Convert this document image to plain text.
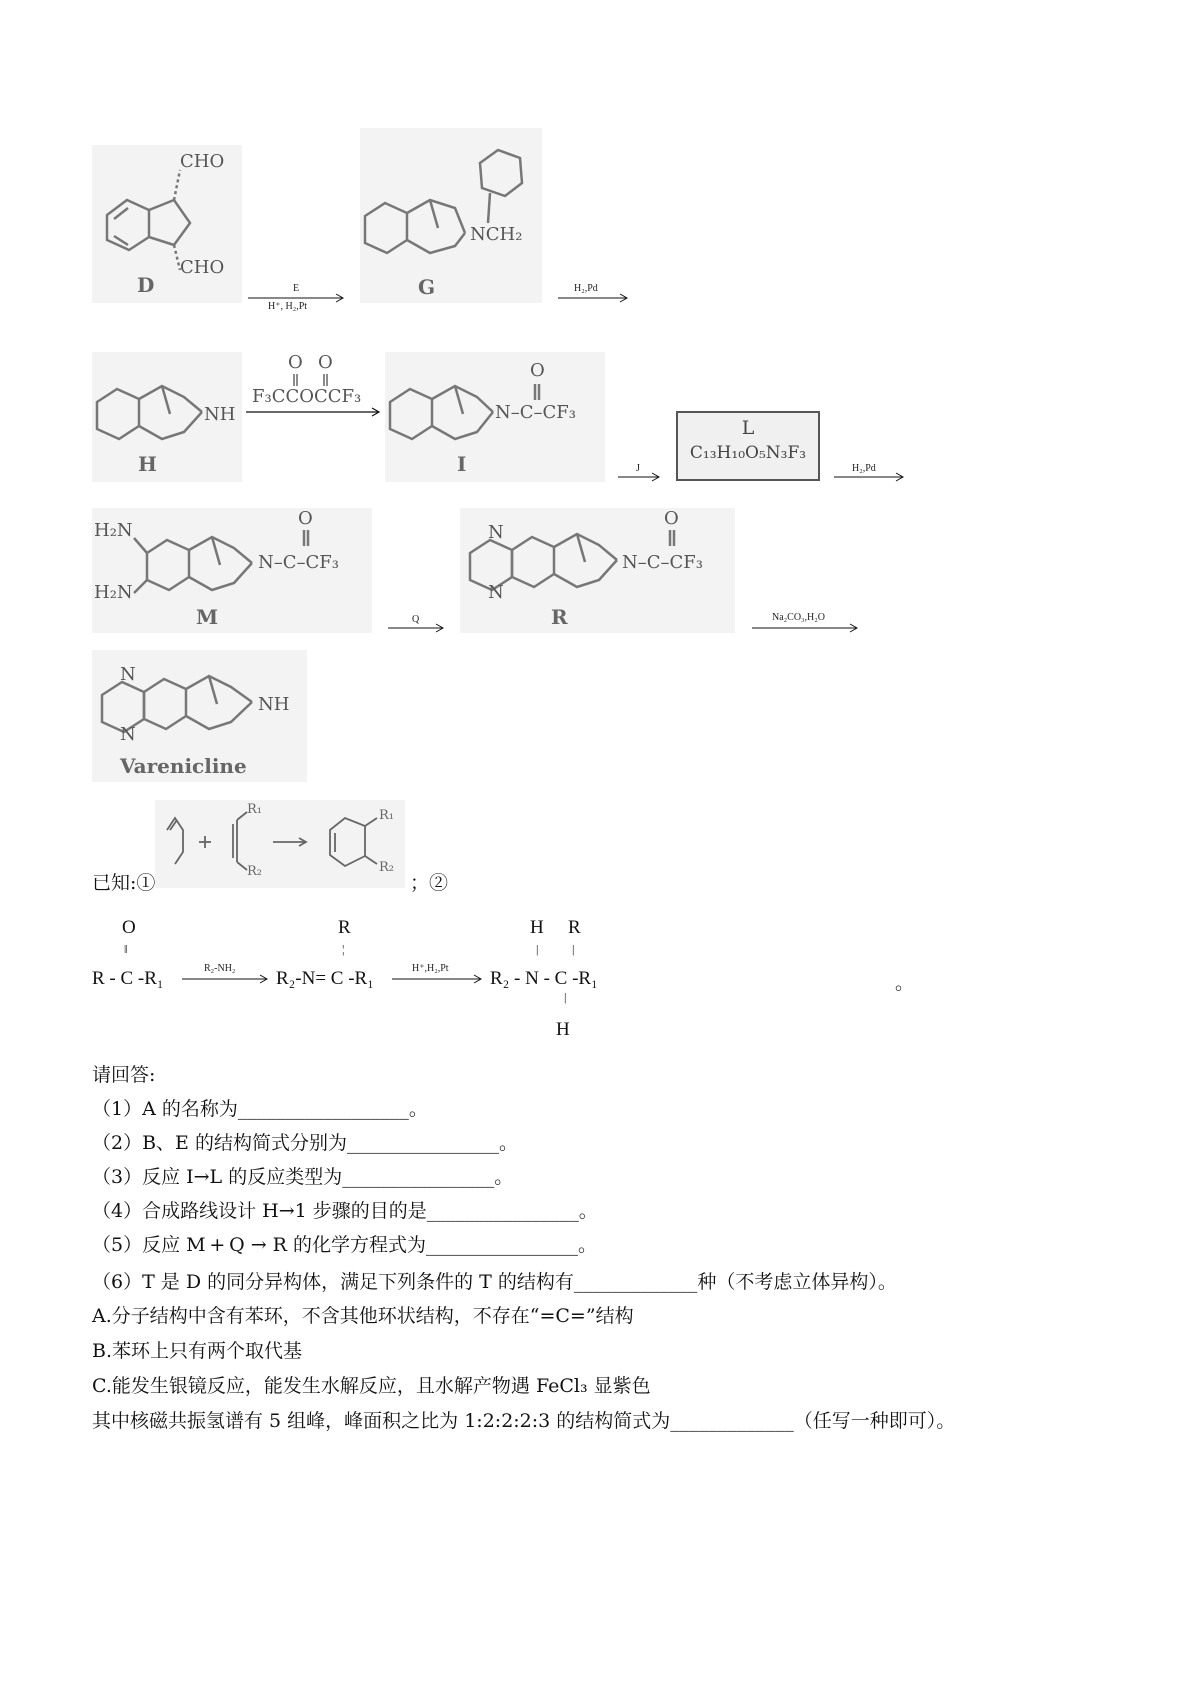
CHO
CHO
D	E
H⁺, H₂,Pt
NCH₂
G	H₂,Pd
NH
H
O O
F₃CCOCCF₃
O
N–C–CF₃
I	J
L
C₁₃H₁₀O₅N₃F₃
H₂,Pd
H₂N
H₂N
O
N–C–CF₃
M	Q
N
N
O
N–C–CF₃
R	Na₂CO₃,H₂O
N
N
NH
Varenicline
R₁
R₂
R₁
R₂
已知:①	；②
O
‖
R
¦
H R
|	|
R - C -R₁	R₂-NH₂ R₂-N= C -R₁	H⁺,H₂,Pt R₂ - N - C -R₁
|
H
。
请回答:
（1）A 的名称为__________________。
（2）B、E 的结构简式分别为________________。
（3）反应 I→L 的反应类型为________________。
（4）合成路线设计 H→1 步骤的目的是________________。
（5）反应 M + Q → R 的化学方程式为________________。
（6）T 是 D 的同分异构体，满足下列条件的 T 的结构有_____________种（不考虑立体异构）。
A.分子结构中含有苯环，不含其他环状结构，不存在“=C=”结构
B.苯环上只有两个取代基
C.能发生银镜反应，能发生水解反应，且水解产物遇 FeCl₃ 显紫色
其中核磁共振氢谱有 5 组峰，峰面积之比为 1:2:2:2:3 的结构简式为_____________（任写一种即可）。
